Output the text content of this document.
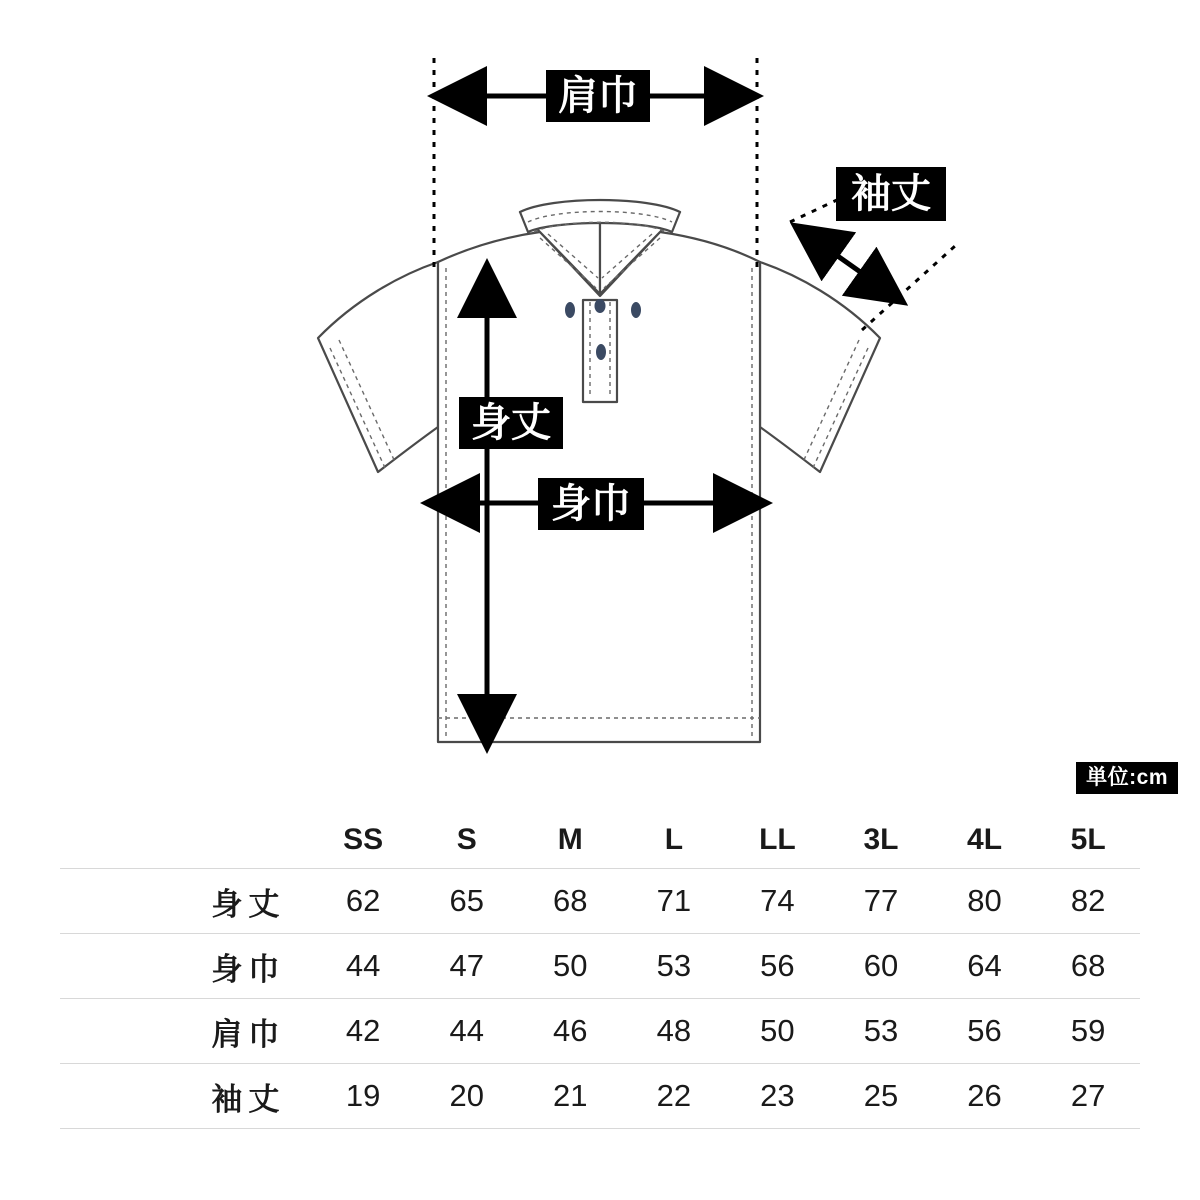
肩巾
袖丈
身丈
身巾
単位:cm
	SS	S	M	L	LL	3L	4L	5L
身丈	62	65	68	71	74	77	80	82
身巾	44	47	50	53	56	60	64	68
肩巾	42	44	46	48	50	53	56	59
袖丈	19	20	21	22	23	25	26	27
